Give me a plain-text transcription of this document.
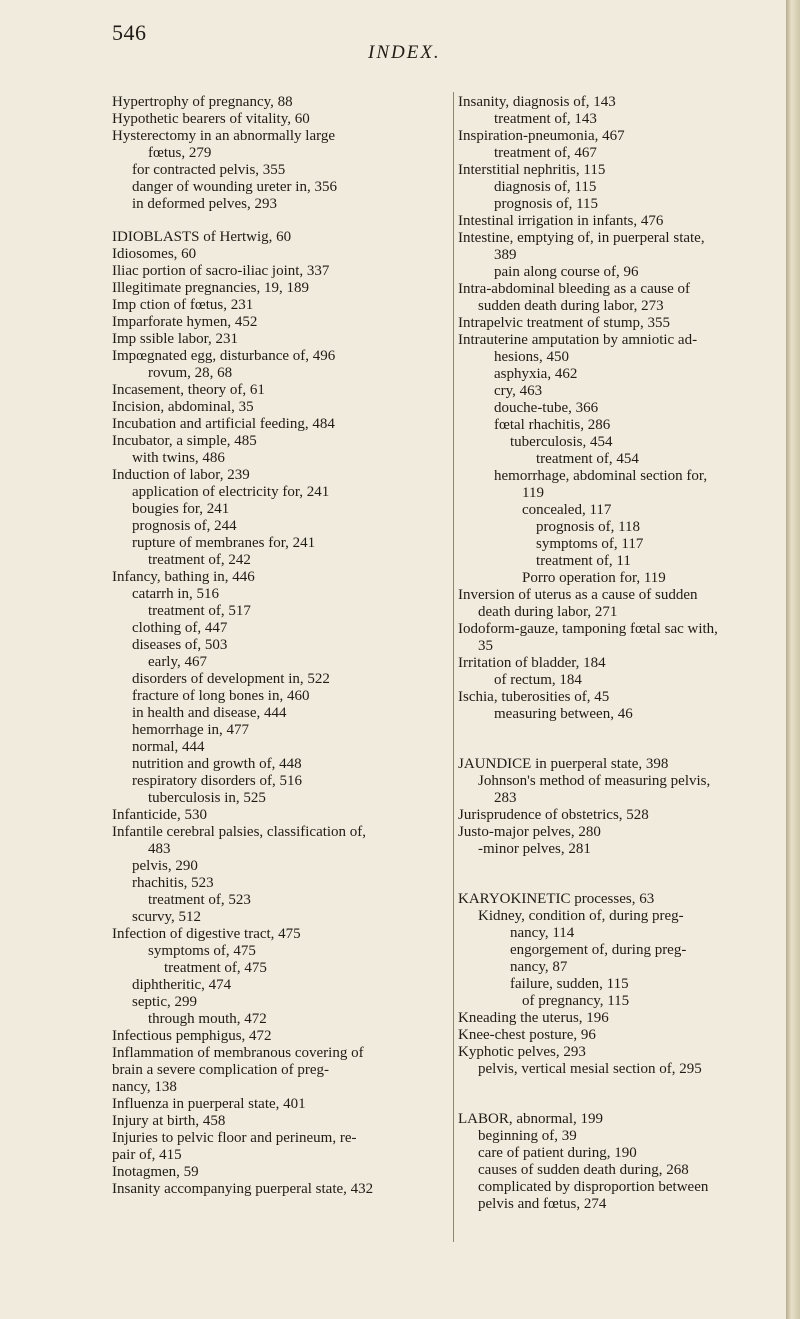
546
INDEX.
Hypertrophy of pregnancy, 88
Hypothetic bearers of vitality, 60
Hysterectomy in an abnormally large
fœtus, 279
for contracted pelvis, 355
danger of wounding ureter in, 356
in deformed pelves, 293
IDIOBLASTS of Hertwig, 60
Idiosomes, 60
Iliac portion of sacro-iliac joint, 337
Illegitimate pregnancies, 19, 189
Imp ction of fœtus, 231
Imparforate hymen, 452
Imp ssible labor, 231
Impœgnated egg, disturbance of, 496
rovum, 28, 68
Incasement, theory of, 61
Incision, abdominal, 35
Incubation and artificial feeding, 484
Incubator, a simple, 485
with twins, 486
Induction of labor, 239
application of electricity for, 241
bougies for, 241
prognosis of, 244
rupture of membranes for, 241
treatment of, 242
Infancy, bathing in, 446
catarrh in, 516
treatment of, 517
clothing of, 447
diseases of, 503
early, 467
disorders of development in, 522
fracture of long bones in, 460
in health and disease, 444
hemorrhage in, 477
normal, 444
nutrition and growth of, 448
respiratory disorders of, 516
tuberculosis in, 525
Infanticide, 530
Infantile cerebral palsies, classification of,
483
pelvis, 290
rhachitis, 523
treatment of, 523
scurvy, 512
Infection of digestive tract, 475
symptoms of, 475
treatment of, 475
diphtheritic, 474
septic, 299
through mouth, 472
Infectious pemphigus, 472
Inflammation of membranous covering of
brain a severe complication of preg-
nancy, 138
Influenza in puerperal state, 401
Injury at birth, 458
Injuries to pelvic floor and perineum, re-
pair of, 415
Inotagmen, 59
Insanity accompanying puerperal state, 432
Insanity, diagnosis of, 143
treatment of, 143
Inspiration-pneumonia, 467
treatment of, 467
Interstitial nephritis, 115
diagnosis of, 115
prognosis of, 115
Intestinal irrigation in infants, 476
Intestine, emptying of, in puerperal state,
389
pain along course of, 96
Intra-abdominal bleeding as a cause of
sudden death during labor, 273
Intrapelvic treatment of stump, 355
Intrauterine amputation by amniotic ad-
hesions, 450
asphyxia, 462
cry, 463
douche-tube, 366
fœtal rhachitis, 286
tuberculosis, 454
treatment of, 454
hemorrhage, abdominal section for,
119
concealed, 117
prognosis of, 118
symptoms of, 117
treatment of, 11
Porro operation for, 119
Inversion of uterus as a cause of sudden
death during labor, 271
Iodoform-gauze, tamponing fœtal sac with,
35
Irritation of bladder, 184
of rectum, 184
Ischia, tuberosities of, 45
measuring between, 46
JAUNDICE in puerperal state, 398
Johnson's method of measuring pelvis,
283
Jurisprudence of obstetrics, 528
Justo-major pelves, 280
-minor pelves, 281
KARYOKINETIC processes, 63
Kidney, condition of, during preg-
nancy, 114
engorgement of, during preg-
nancy, 87
failure, sudden, 115
of pregnancy, 115
Kneading the uterus, 196
Knee-chest posture, 96
Kyphotic pelves, 293
pelvis, vertical mesial section of, 295
LABOR, abnormal, 199
beginning of, 39
care of patient during, 190
causes of sudden death during, 268
complicated by disproportion between
pelvis and fœtus, 274
